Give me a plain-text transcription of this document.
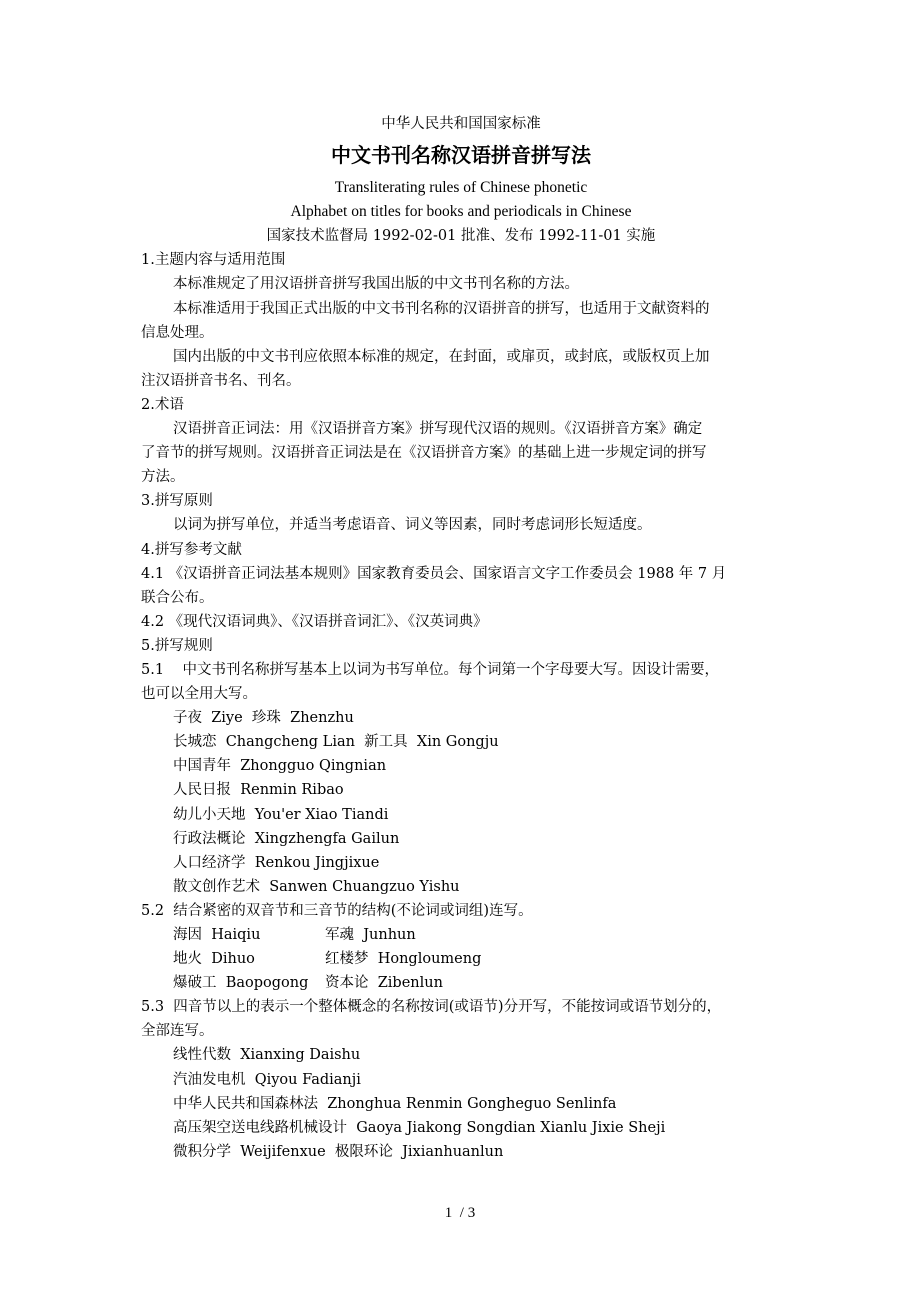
中华人民共和国国家标准
中文书刊名称汉语拼音拼写法
Transliterating rules of Chinese phonetic
Alphabet on titles for books and periodicals in Chinese
国家技术监督局 1992-02-01 批准、发布 1992-11-01 实施
1.主题内容与适用范围
本标准规定了用汉语拼音拼写我国出版的中文书刊名称的方法。
本标准适用于我国正式出版的中文书刊名称的汉语拼音的拼写，也适用于文献资料的
信息处理。
国内出版的中文书刊应依照本标准的规定，在封面，或扉页，或封底，或版权页上加
注汉语拼音书名、刊名。
2.术语
汉语拼音正词法：用《汉语拼音方案》拼写现代汉语的规则。《汉语拼音方案》确定
了音节的拼写规则。汉语拼音正词法是在《汉语拼音方案》的基础上进一步规定词的拼写
方法。
3.拼写原则
以词为拼写单位，并适当考虑语音、词义等因素，同时考虑词形长短适度。
4.拼写参考文献
4.1 《汉语拼音正词法基本规则》国家教育委员会、国家语言文字工作委员会 1988 年 7 月
联合公布。
4.2 《现代汉语词典》、《汉语拼音词汇》、《汉英词典》
5.拼写规则
5.1    中文书刊名称拼写基本上以词为书写单位。每个词第一个字母要大写。因设计需要，
也可以全用大写。
子夜  Ziye  珍珠  Zhenzhu
长城恋  Changcheng Lian  新工具  Xin Gongju
中国青年  Zhongguo Qingnian
人民日报  Renmin Ribao
幼儿小天地  You'er Xiao Tiandi
行政法概论  Xingzhengfa Gailun
人口经济学  Renkou Jingjixue
散文创作艺术  Sanwen Chuangzuo Yishu
5.2  结合紧密的双音节和三音节的结构(不论词或词组)连写。
海因  Haiqiu	军魂  Junhun
地火  Dihuo	红楼梦  Hongloumeng
爆破工  Baopogong 资本论  Zibenlun
5.3  四音节以上的表示一个整体概念的名称按词(或语节)分开写，不能按词或语节划分的，
全部连写。
线性代数  Xianxing Daishu
汽油发电机  Qiyou Fadianji
中华人民共和国森林法  Zhonghua Renmin Gongheguo Senlinfa
高压架空送电线路机械设计  Gaoya Jiakong Songdian Xianlu Jixie Sheji
微积分学  Weijifenxue  极限环论  Jixianhuanlun
1  / 3
